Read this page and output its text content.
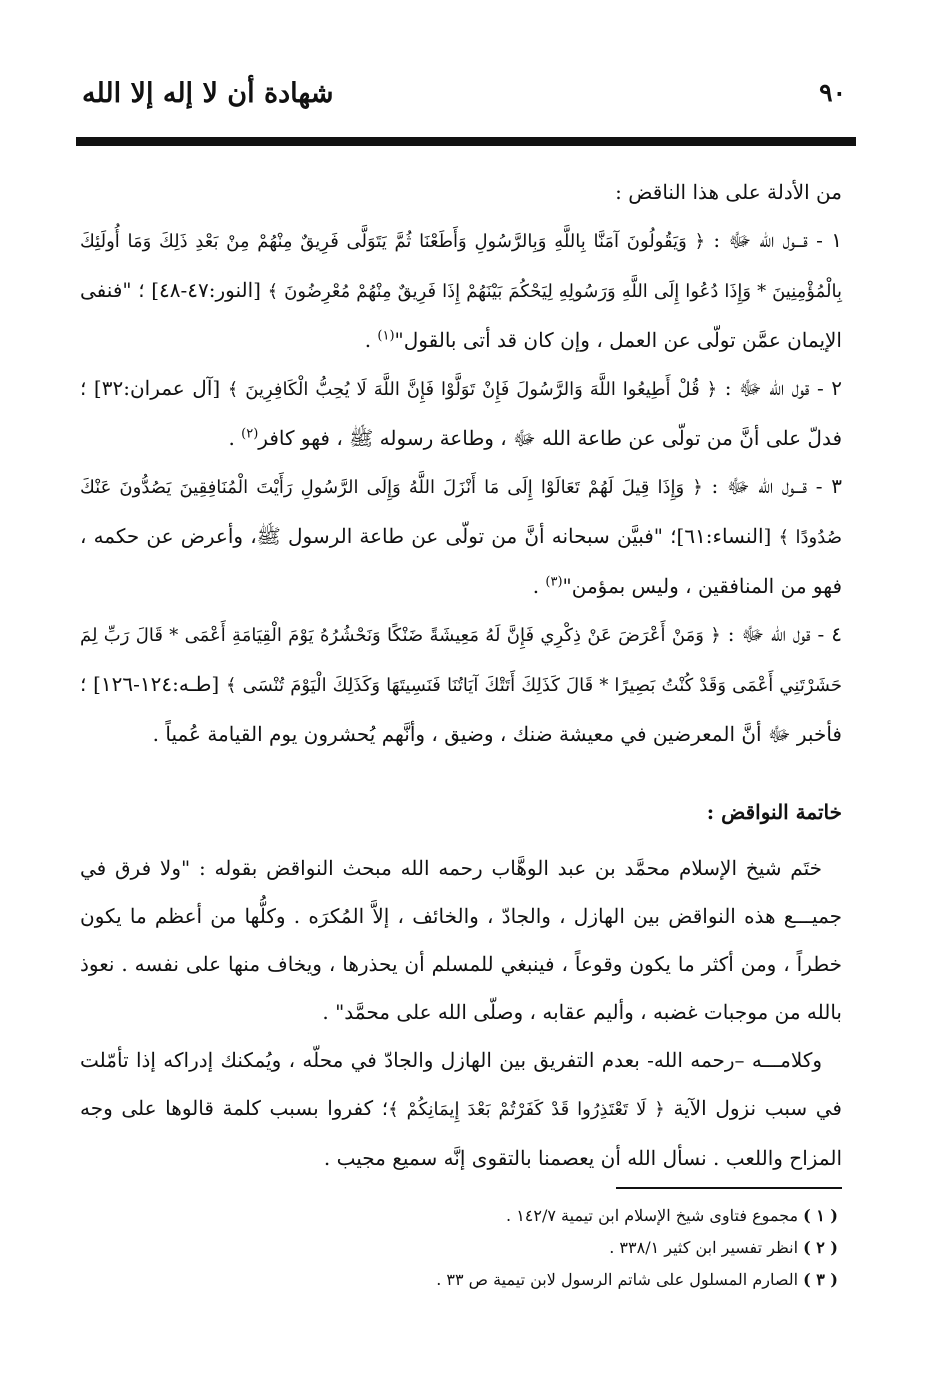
٩٠
شهادة أن لا إله إلا الله

من الأدلة على هذا الناقض :

١ - قـــول الله ﷻ : ﴿ وَيَقُولُونَ آمَنَّا بِاللَّهِ وَبِالرَّسُولِ وَأَطَعْنَا ثُمَّ يَتَوَلَّى فَرِيقٌ مِنْهُمْ مِنْ بَعْدِ ذَلِكَ وَمَا أُولَئِكَ بِالْمُؤْمِنِينَ * وَإِذَا دُعُوا إِلَى اللَّهِ وَرَسُولِهِ لِيَحْكُمَ بَيْنَهُمْ إِذَا فَرِيقٌ مِنْهُمْ مُعْرِضُونَ ﴾ [النور:٤٧-٤٨] ؛ "فنفى الإيمان عمَّن تولّى عن العمل ، وإن كان قد أتى بالقول"$^{(١)}$ .

٢ - قول الله ﷻ : ﴿ قُلْ أَطِيعُوا اللَّهَ وَالرَّسُولَ فَإِنْ تَوَلَّوْا فَإِنَّ اللَّهَ لَا يُحِبُّ الْكَافِرِينَ ﴾ [آل عمران:٣٢] ؛ فدلّ على أنَّ من تولّى عن طاعة الله ﷻ ، وطاعة رسوله ﷺ ، فهو كافر$^{(٢)}$ .

٣ - قـــول الله ﷻ : ﴿ وَإِذَا قِيلَ لَهُمْ تَعَالَوْا إِلَى مَا أَنْزَلَ اللَّهُ وَإِلَى الرَّسُولِ رَأَيْتَ الْمُنَافِقِينَ يَصُدُّونَ عَنْكَ صُدُودًا ﴾ [النساء:٦١]؛ "فبيَّن سبحانه أنَّ من تولّى عن طاعة الرسول ﷺ، وأعرض عن حكمه ، فهو من المنافقين ، وليس بمؤمن"$^{(٣)}$ .

٤ - قول الله ﷻ : ﴿ وَمَنْ أَعْرَضَ عَنْ ذِكْرِي فَإِنَّ لَهُ مَعِيشَةً ضَنْكًا وَنَحْشُرُهُ يَوْمَ الْقِيَامَةِ أَعْمَى * قَالَ رَبِّ لِمَ حَشَرْتَنِي أَعْمَى وَقَدْ كُنْتُ بَصِيرًا * قَالَ كَذَلِكَ أَتَتْكَ آيَاتُنَا فَنَسِيتَهَا وَكَذَلِكَ الْيَوْمَ تُنْسَى ﴾ [طـه:١٢٤-١٢٦] ؛ فأخبر ﷻ أنَّ المعرضين في معيشة ضنك ، وضيق ، وأنَّهم يُحشرون يوم القيامة عُمياً .

خاتمة النواقض :

ختَم شيخ الإسلام محمَّد بن عبد الوهَّاب رحمه الله مبحث النواقض بقوله : "ولا فرق في جميـــع هذه النواقض بين الهازل ، والجادّ ، والخائف ، إلاَّ المُكرَه . وكلُّها من أعظم ما يكون خطراً ، ومن أكثر ما يكون وقوعاً ، فينبغي للمسلم أن يحذرها ، ويخاف منها على نفسه . نعوذ بالله من موجبات غضبه ، وأليم عقابه ، وصلّى الله على محمَّد" .

وكلامـــه –رحمه الله- بعدم التفريق بين الهازل والجادّ في محلّه ، ويُمكنك إدراكه إذا تأمّلت في سبب نزول الآية ﴿ لَا تَعْتَذِرُوا قَدْ كَفَرْتُمْ بَعْدَ إِيمَانِكُمْ ﴾؛ كفروا بسبب كلمة قالوها على وجه المزاح واللعب . نسأل الله أن يعصمنا بالتقوى إنَّه سميع مجيب .

( ١ ) مجموع فتاوى شيخ الإسلام ابن تيمية ١٤٢/٧ .

( ٢ ) انظر تفسير ابن كثير ٣٣٨/١ .

( ٣ ) الصارم المسلول على شاتم الرسول لابن تيمية ص ٣٣ .
